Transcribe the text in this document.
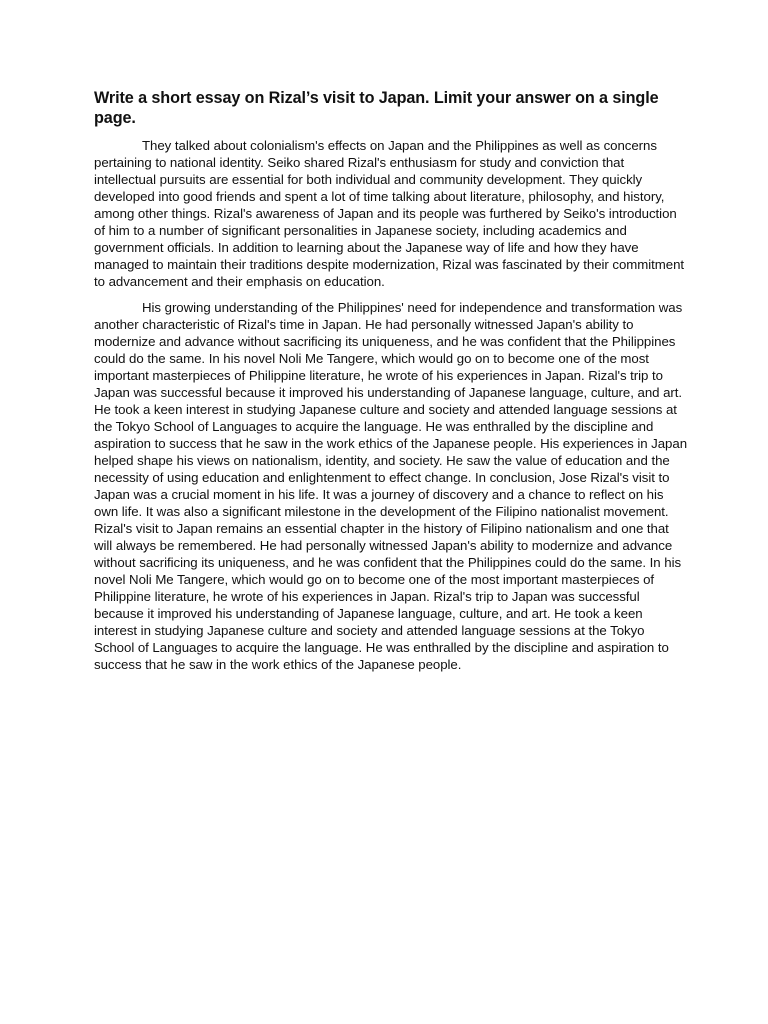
Write a short essay on Rizal’s visit to Japan. Limit your answer on a single page.

They talked about colonialism's effects on Japan and the Philippines as well as concerns pertaining to national identity. Seiko shared Rizal's enthusiasm for study and conviction that intellectual pursuits are essential for both individual and community development. They quickly developed into good friends and spent a lot of time talking about literature, philosophy, and history, among other things. Rizal's awareness of Japan and its people was furthered by Seiko's introduction of him to a number of significant personalities in Japanese society, including academics and government officials. In addition to learning about the Japanese way of life and how they have managed to maintain their traditions despite modernization, Rizal was fascinated by their commitment to advancement and their emphasis on education.

His growing understanding of the Philippines' need for independence and transformation was another characteristic of Rizal's time in Japan. He had personally witnessed Japan's ability to modernize and advance without sacrificing its uniqueness, and he was confident that the Philippines could do the same. In his novel Noli Me Tangere, which would go on to become one of the most important masterpieces of Philippine literature, he wrote of his experiences in Japan. Rizal's trip to Japan was successful because it improved his understanding of Japanese language, culture, and art. He took a keen interest in studying Japanese culture and society and attended language sessions at the Tokyo School of Languages to acquire the language. He was enthralled by the discipline and aspiration to success that he saw in the work ethics of the Japanese people. His experiences in Japan helped shape his views on nationalism, identity, and society. He saw the value of education and the necessity of using education and enlightenment to effect change. In conclusion, Jose Rizal's visit to Japan was a crucial moment in his life. It was a journey of discovery and a chance to reflect on his own life. It was also a significant milestone in the development of the Filipino nationalist movement. Rizal's visit to Japan remains an essential chapter in the history of Filipino nationalism and one that will always be remembered. He had personally witnessed Japan's ability to modernize and advance without sacrificing its uniqueness, and he was confident that the Philippines could do the same. In his novel Noli Me Tangere, which would go on to become one of the most important masterpieces of Philippine literature, he wrote of his experiences in Japan. Rizal's trip to Japan was successful because it improved his understanding of Japanese language, culture, and art. He took a keen interest in studying Japanese culture and society and attended language sessions at the Tokyo School of Languages to acquire the language. He was enthralled by the discipline and aspiration to success that he saw in the work ethics of the Japanese people.
